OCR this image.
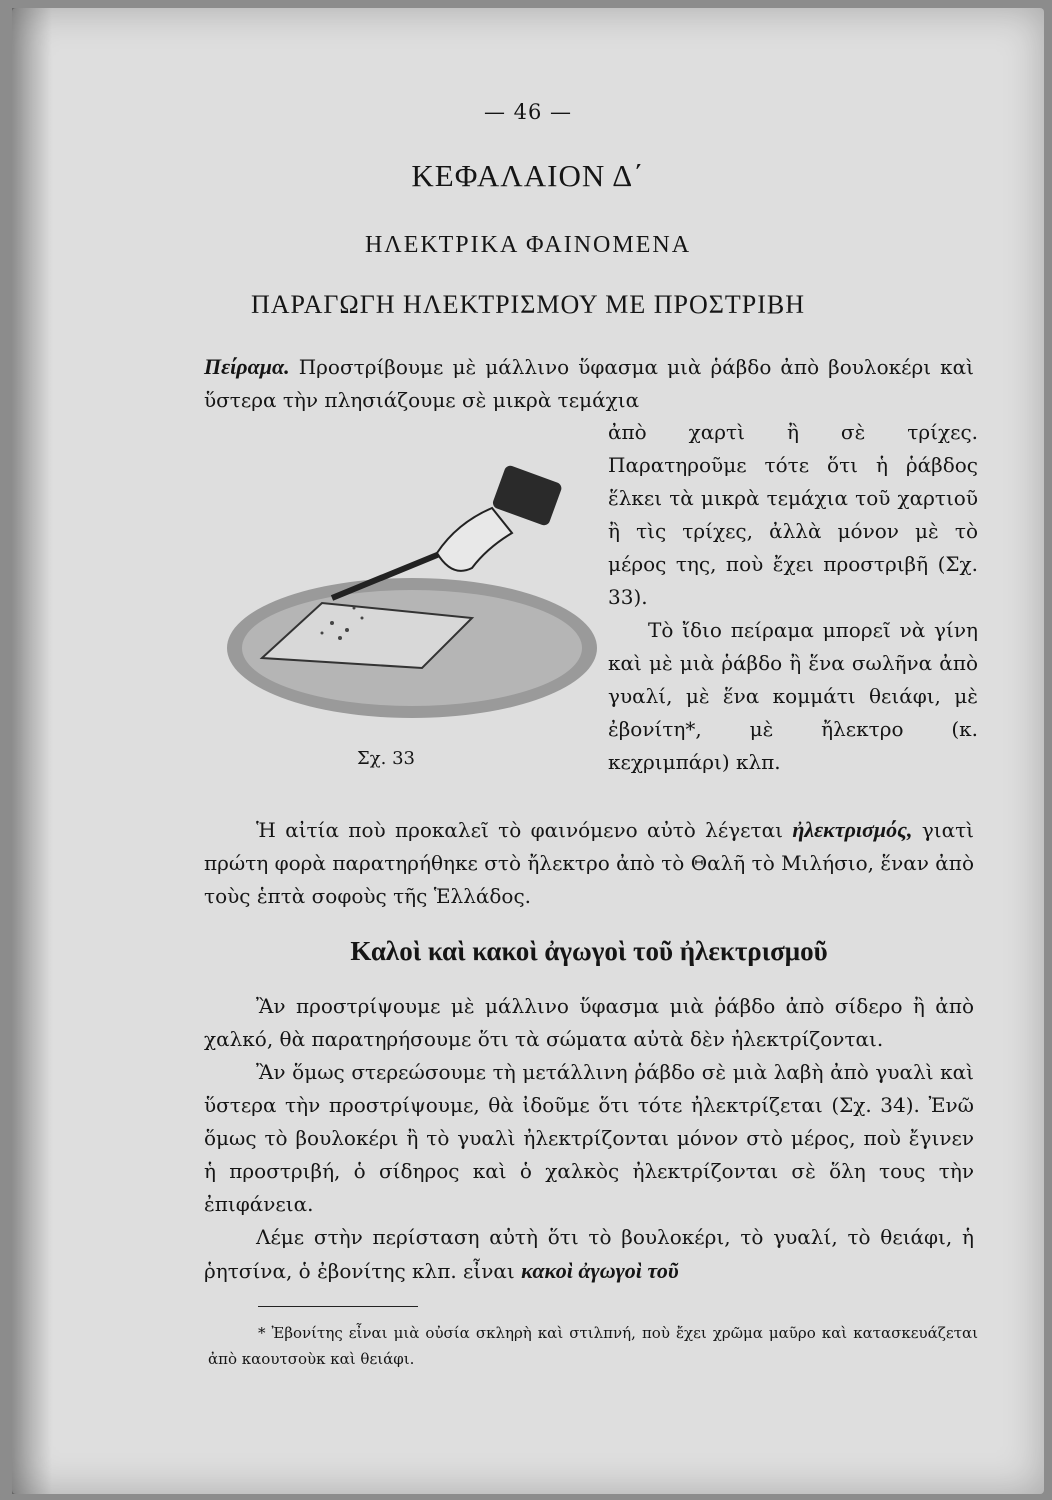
— 46 —
ΚΕΦΑΛΑΙΟΝ Δ΄
ΗΛΕΚΤΡΙΚΑ ΦΑΙΝΟΜΕΝΑ
ΠΑΡΑΓΩΓΗ ΗΛΕΚΤΡΙΣΜΟΥ ΜΕ ΠΡΟΣΤΡΙΒΗ

Πείραμα. Προστρίβουμε μὲ μάλλινο ὕφασμα μιὰ ῥάβδο ἀπὸ βουλοκέρι καὶ ὕστερα τὴν πλησιάζουμε σὲ μικρὰ τεμάχια

ἀπὸ χαρτὶ ἢ σὲ τρίχες. Παρατηροῦμε τότε ὅτι ἡ ῥάβδος ἕλκει τὰ μικρὰ τεμάχια τοῦ χαρτιοῦ ἢ τὶς τρίχες, ἀλλὰ μόνον μὲ τὸ μέρος της, ποὺ ἔχει προστριβῆ (Σχ. 33).
Τὸ ἴδιο πείραμα μπορεῖ νὰ γίνη καὶ μὲ μιὰ ῥάβδο ἢ ἕνα σωλῆνα ἀπὸ γυαλί, μὲ ἕνα κομμάτι θειάφι, μὲ ἐβονίτη*, μὲ ἤλεκτρο (κ. κεχριμπάρι) κλπ.

Σχ. 33

Ἡ αἰτία ποὺ προκαλεῖ τὸ φαινόμενο αὐτὸ λέγεται ἠλεκτρισμός, γιατὶ πρώτη φορὰ παρατηρήθηκε στὸ ἤλεκτρο ἀπὸ τὸ Θαλῆ τὸ Μιλήσιο, ἕναν ἀπὸ τοὺς ἑπτὰ σοφοὺς τῆς Ἑλλάδος.

Καλοὶ καὶ κακοὶ ἀγωγοὶ τοῦ ἠλεκτρισμοῦ
Ἂν προστρίψουμε μὲ μάλλινο ὕφασμα μιὰ ῥάβδο ἀπὸ σίδερο ἢ ἀπὸ χαλκό, θὰ παρατηρήσουμε ὅτι τὰ σώματα αὐτὰ δὲν ἠλεκτρίζονται.
Ἂν ὅμως στερεώσουμε τὴ μετάλλινη ῥάβδο σὲ μιὰ λαβὴ ἀπὸ γυαλὶ καὶ ὕστερα τὴν προστρίψουμε, θὰ ἰδοῦμε ὅτι τότε ἠλεκτρίζεται (Σχ. 34). Ἐνῶ ὅμως τὸ βουλοκέρι ἢ τὸ γυαλὶ ἠλεκτρίζονται μόνον στὸ μέρος, ποὺ ἔγινεν ἡ προστριβή, ὁ σίδηρος καὶ ὁ χαλκὸς ἠλεκτρίζονται σὲ ὅλη τους τὴν ἐπιφάνεια.
Λέμε στὴν περίσταση αὐτὴ ὅτι τὸ βουλοκέρι, τὸ γυαλί, τὸ θειάφι, ἡ ῥητσίνα, ὁ ἐβονίτης κλπ. εἶναι κακοὶ ἀγωγοὶ τοῦ

* Ἐβονίτης εἶναι μιὰ οὐσία σκληρὴ καὶ στιλπνή, ποὺ ἔχει χρῶμα μαῦρο καὶ κατασκευάζεται ἀπὸ καουτσοὺκ καὶ θειάφι.
